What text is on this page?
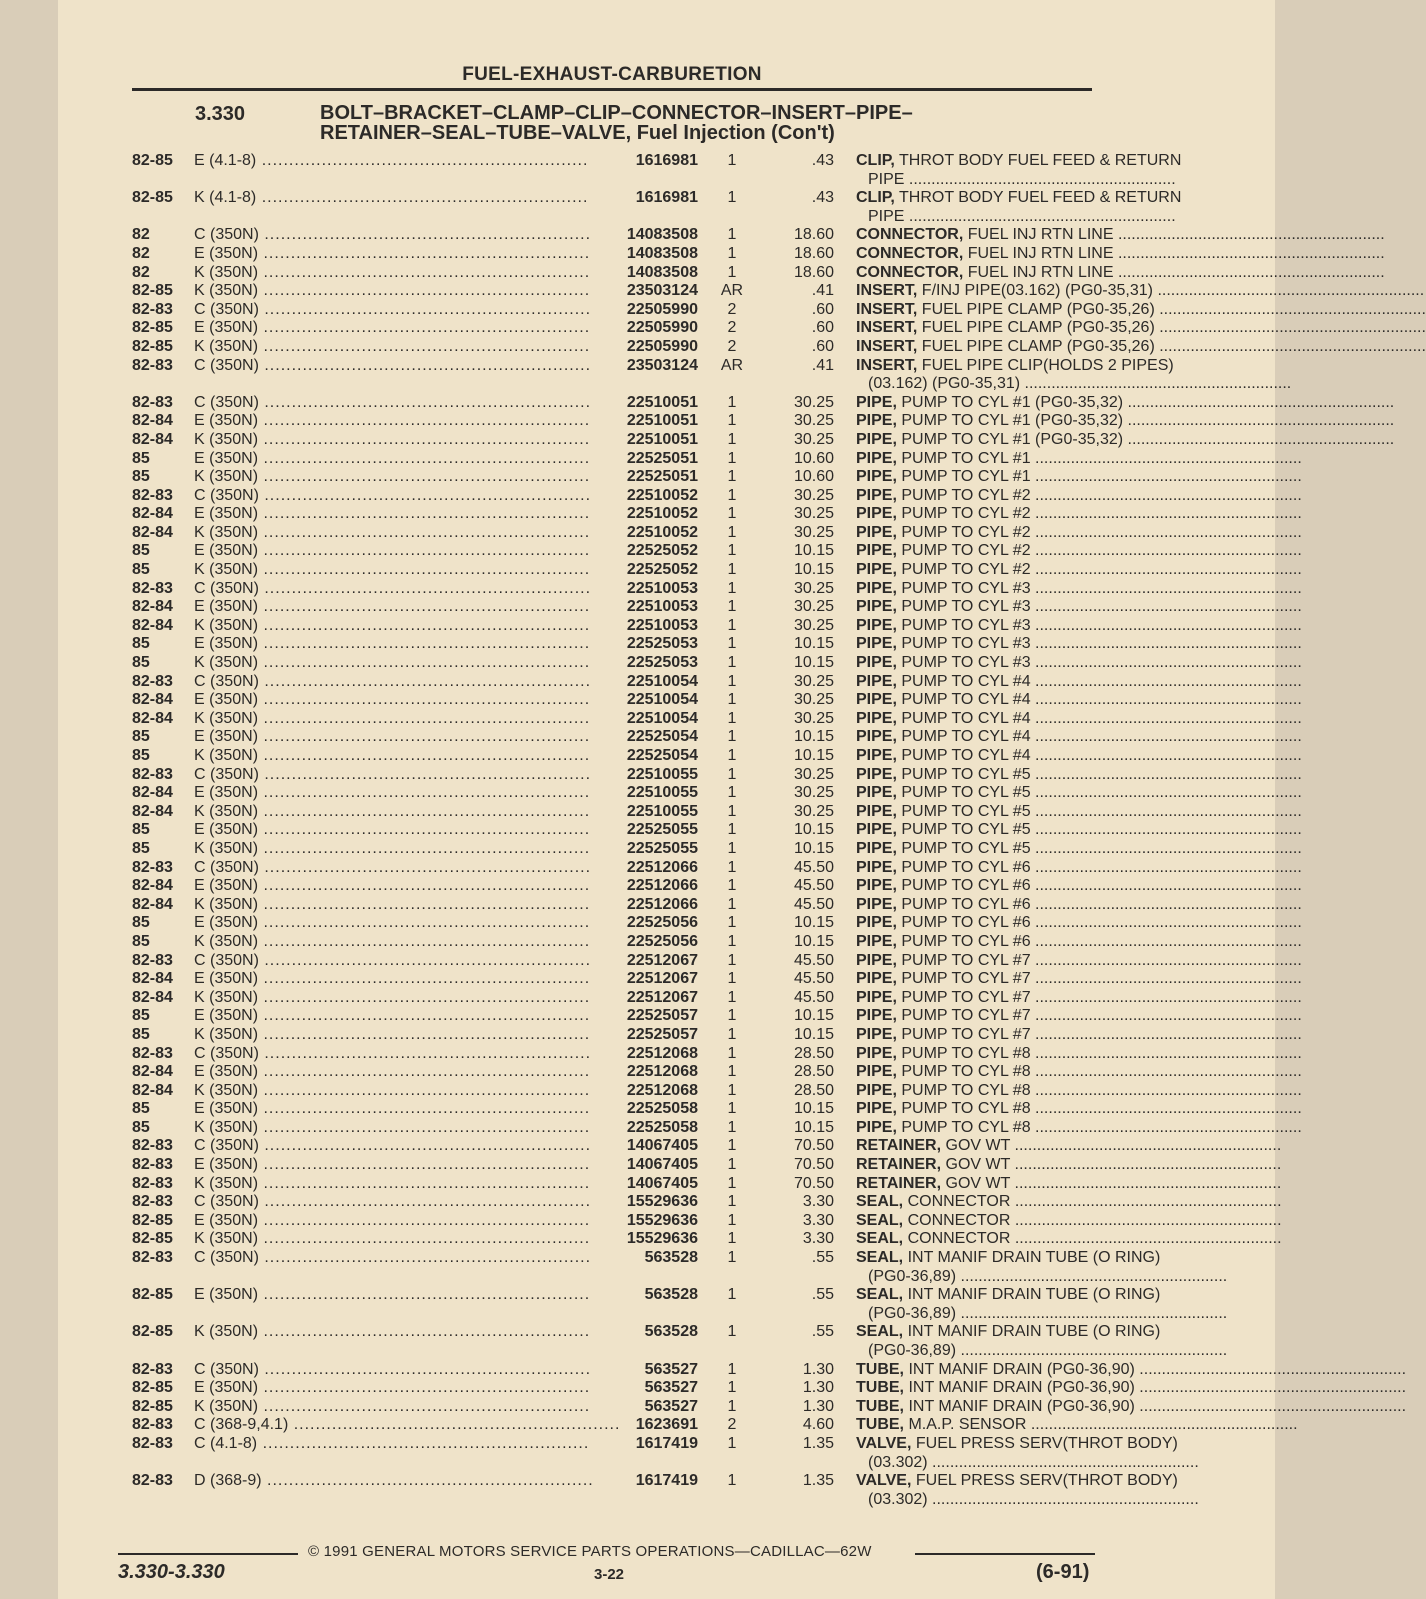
FUEL-EXHAUST-CARBURETION
3.330	BOLT–BRACKET–CLAMP–CLIP–CONNECTOR–INSERT–PIPE–
RETAINER–SEAL–TUBE–VALVE, Fuel Injection (Con't)
82-85 E (4.1-8) ............................................................	1616981	1	.43 CLIP, THROT BODY FUEL FEED & RETURN
PIPE ............................................................
82-85 K (4.1-8) ............................................................	1616981	1	.43 CLIP, THROT BODY FUEL FEED & RETURN
PIPE ............................................................
82	C (350N) ............................................................	14083508	1	18.60 CONNECTOR, FUEL INJ RTN LINE ............................................................
82	E (350N) ............................................................	14083508	1	18.60 CONNECTOR, FUEL INJ RTN LINE ............................................................
82	K (350N) ............................................................	14083508	1	18.60 CONNECTOR, FUEL INJ RTN LINE ............................................................
82-85 K (350N) ............................................................	23503124	AR	.41 INSERT, F/INJ PIPE(03.162) (PG0-35,31) ............................................................
82-83 C (350N) ............................................................	22505990	2	.60 INSERT, FUEL PIPE CLAMP (PG0-35,26) ............................................................
82-85 E (350N) ............................................................	22505990	2	.60 INSERT, FUEL PIPE CLAMP (PG0-35,26) ............................................................
82-85 K (350N) ............................................................	22505990	2	.60 INSERT, FUEL PIPE CLAMP (PG0-35,26) ............................................................
82-83 C (350N) ............................................................	23503124	AR	.41 INSERT, FUEL PIPE CLIP(HOLDS 2 PIPES)
(03.162) (PG0-35,31) ............................................................
82-83 C (350N) ............................................................	22510051	1	30.25 PIPE, PUMP TO CYL #1 (PG0-35,32) ............................................................
82-84 E (350N) ............................................................	22510051	1	30.25 PIPE, PUMP TO CYL #1 (PG0-35,32) ............................................................
82-84 K (350N) ............................................................	22510051	1	30.25 PIPE, PUMP TO CYL #1 (PG0-35,32) ............................................................
85	E (350N) ............................................................	22525051	1	10.60 PIPE, PUMP TO CYL #1 ............................................................
85	K (350N) ............................................................	22525051	1	10.60 PIPE, PUMP TO CYL #1 ............................................................
82-83 C (350N) ............................................................	22510052	1	30.25 PIPE, PUMP TO CYL #2 ............................................................
82-84 E (350N) ............................................................	22510052	1	30.25 PIPE, PUMP TO CYL #2 ............................................................
82-84 K (350N) ............................................................	22510052	1	30.25 PIPE, PUMP TO CYL #2 ............................................................
85	E (350N) ............................................................	22525052	1	10.15 PIPE, PUMP TO CYL #2 ............................................................
85	K (350N) ............................................................	22525052	1	10.15 PIPE, PUMP TO CYL #2 ............................................................
82-83 C (350N) ............................................................	22510053	1	30.25 PIPE, PUMP TO CYL #3 ............................................................
82-84 E (350N) ............................................................	22510053	1	30.25 PIPE, PUMP TO CYL #3 ............................................................
82-84 K (350N) ............................................................	22510053	1	30.25 PIPE, PUMP TO CYL #3 ............................................................
85	E (350N) ............................................................	22525053	1	10.15 PIPE, PUMP TO CYL #3 ............................................................
85	K (350N) ............................................................	22525053	1	10.15 PIPE, PUMP TO CYL #3 ............................................................
82-83 C (350N) ............................................................	22510054	1	30.25 PIPE, PUMP TO CYL #4 ............................................................
82-84 E (350N) ............................................................	22510054	1	30.25 PIPE, PUMP TO CYL #4 ............................................................
82-84 K (350N) ............................................................	22510054	1	30.25 PIPE, PUMP TO CYL #4 ............................................................
85	E (350N) ............................................................	22525054	1	10.15 PIPE, PUMP TO CYL #4 ............................................................
85	K (350N) ............................................................	22525054	1	10.15 PIPE, PUMP TO CYL #4 ............................................................
82-83 C (350N) ............................................................	22510055	1	30.25 PIPE, PUMP TO CYL #5 ............................................................
82-84 E (350N) ............................................................	22510055	1	30.25 PIPE, PUMP TO CYL #5 ............................................................
82-84 K (350N) ............................................................	22510055	1	30.25 PIPE, PUMP TO CYL #5 ............................................................
85	E (350N) ............................................................	22525055	1	10.15 PIPE, PUMP TO CYL #5 ............................................................
85	K (350N) ............................................................	22525055	1	10.15 PIPE, PUMP TO CYL #5 ............................................................
82-83 C (350N) ............................................................	22512066	1	45.50 PIPE, PUMP TO CYL #6 ............................................................
82-84 E (350N) ............................................................	22512066	1	45.50 PIPE, PUMP TO CYL #6 ............................................................
82-84 K (350N) ............................................................	22512066	1	45.50 PIPE, PUMP TO CYL #6 ............................................................
85	E (350N) ............................................................	22525056	1	10.15 PIPE, PUMP TO CYL #6 ............................................................
85	K (350N) ............................................................	22525056	1	10.15 PIPE, PUMP TO CYL #6 ............................................................
82-83 C (350N) ............................................................	22512067	1	45.50 PIPE, PUMP TO CYL #7 ............................................................
82-84 E (350N) ............................................................	22512067	1	45.50 PIPE, PUMP TO CYL #7 ............................................................
82-84 K (350N) ............................................................	22512067	1	45.50 PIPE, PUMP TO CYL #7 ............................................................
85	E (350N) ............................................................	22525057	1	10.15 PIPE, PUMP TO CYL #7 ............................................................
85	K (350N) ............................................................	22525057	1	10.15 PIPE, PUMP TO CYL #7 ............................................................
82-83 C (350N) ............................................................	22512068	1	28.50 PIPE, PUMP TO CYL #8 ............................................................
82-84 E (350N) ............................................................	22512068	1	28.50 PIPE, PUMP TO CYL #8 ............................................................
82-84 K (350N) ............................................................	22512068	1	28.50 PIPE, PUMP TO CYL #8 ............................................................
85	E (350N) ............................................................	22525058	1	10.15 PIPE, PUMP TO CYL #8 ............................................................
85	K (350N) ............................................................	22525058	1	10.15 PIPE, PUMP TO CYL #8 ............................................................
82-83 C (350N) ............................................................	14067405	1	70.50 RETAINER, GOV WT ............................................................
82-83 E (350N) ............................................................	14067405	1	70.50 RETAINER, GOV WT ............................................................
82-83 K (350N) ............................................................	14067405	1	70.50 RETAINER, GOV WT ............................................................
82-83 C (350N) ............................................................	15529636	1	3.30 SEAL, CONNECTOR ............................................................
82-85 E (350N) ............................................................	15529636	1	3.30 SEAL, CONNECTOR ............................................................
82-85 K (350N) ............................................................	15529636	1	3.30 SEAL, CONNECTOR ............................................................
82-83 C (350N) ............................................................	563528	1	.55 SEAL, INT MANIF DRAIN TUBE (O RING)
(PG0-36,89) ............................................................
82-85 E (350N) ............................................................	563528	1	.55 SEAL, INT MANIF DRAIN TUBE (O RING)
(PG0-36,89) ............................................................
82-85 K (350N) ............................................................	563528	1	.55 SEAL, INT MANIF DRAIN TUBE (O RING)
(PG0-36,89) ............................................................
82-83 C (350N) ............................................................	563527	1	1.30 TUBE, INT MANIF DRAIN (PG0-36,90) ............................................................
82-85 E (350N) ............................................................	563527	1	1.30 TUBE, INT MANIF DRAIN (PG0-36,90) ............................................................
82-85 K (350N) ............................................................	563527	1	1.30 TUBE, INT MANIF DRAIN (PG0-36,90) ............................................................
82-83 C (368-9,4.1) ............................................................ 1623691	2	4.60 TUBE, M.A.P. SENSOR ............................................................
82-83 C (4.1-8) ............................................................	1617419	1	1.35 VALVE, FUEL PRESS SERV(THROT BODY)
(03.302) ............................................................
82-83 D (368-9) ............................................................	1617419	1	1.35 VALVE, FUEL PRESS SERV(THROT BODY)
(03.302) ............................................................
© 1991 GENERAL MOTORS SERVICE PARTS OPERATIONS—CADILLAC—62W
3.330-3.330	3-22	(6-91)
